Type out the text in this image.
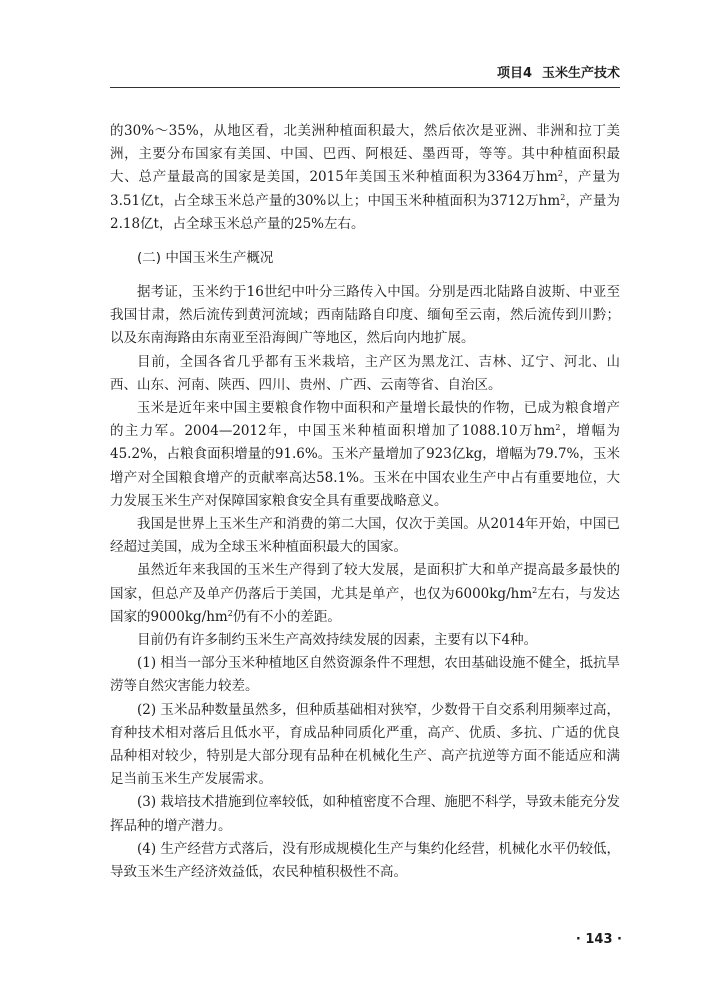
项目4 玉米生产技术

的30%～35%，从地区看，北美洲种植面积最大，然后依次是亚洲、非洲和拉丁美洲，主要分布国家有美国、中国、巴西、阿根廷、墨西哥，等等。其中种植面积最大、总产量最高的国家是美国，2015年美国玉米种植面积为3364万$hm^2$，产量为3.51亿t，占全球玉米总产量的30%以上；中国玉米种植面积为3712万$hm^2$，产量为2.18亿t，占全球玉米总产量的25%左右。

(二) 中国玉米生产概况

据考证，玉米约于16世纪中叶分三路传入中国。分别是西北陆路自波斯、中亚至我国甘肃，然后流传到黄河流域；西南陆路自印度、缅甸至云南，然后流传到川黔；以及东南海路由东南亚至沿海闽广等地区，然后向内地扩展。

目前，全国各省几乎都有玉米栽培，主产区为黑龙江、吉林、辽宁、河北、山西、山东、河南、陕西、四川、贵州、广西、云南等省、自治区。

玉米是近年来中国主要粮食作物中面积和产量增长最快的作物，已成为粮食增产的主力军。2004—2012年，中国玉米种植面积增加了1088.10万$hm^2$，增幅为45.2%，占粮食面积增量的91.6%。玉米产量增加了923亿kg，增幅为79.7%，玉米增产对全国粮食增产的贡献率高达58.1%。玉米在中国农业生产中占有重要地位，大力发展玉米生产对保障国家粮食安全具有重要战略意义。

我国是世界上玉米生产和消费的第二大国，仅次于美国。从2014年开始，中国已经超过美国，成为全球玉米种植面积最大的国家。

虽然近年来我国的玉米生产得到了较大发展，是面积扩大和单产提高最多最快的国家，但总产及单产仍落后于美国，尤其是单产，也仅为$6000kg/hm^2$左右，与发达国家的$9000kg/hm^2$仍有不小的差距。

目前仍有许多制约玉米生产高效持续发展的因素，主要有以下4种。

(1) 相当一部分玉米种植地区自然资源条件不理想，农田基础设施不健全，抵抗旱涝等自然灾害能力较差。

(2) 玉米品种数量虽然多，但种质基础相对狭窄，少数骨干自交系利用频率过高，育种技术相对落后且低水平，育成品种同质化严重，高产、优质、多抗、广适的优良品种相对较少，特别是大部分现有品种在机械化生产、高产抗逆等方面不能适应和满足当前玉米生产发展需求。

(3) 栽培技术措施到位率较低，如种植密度不合理、施肥不科学，导致未能充分发挥品种的增产潜力。

(4) 生产经营方式落后，没有形成规模化生产与集约化经营，机械化水平仍较低，导致玉米生产经济效益低，农民种植积极性不高。

· 143 ·
